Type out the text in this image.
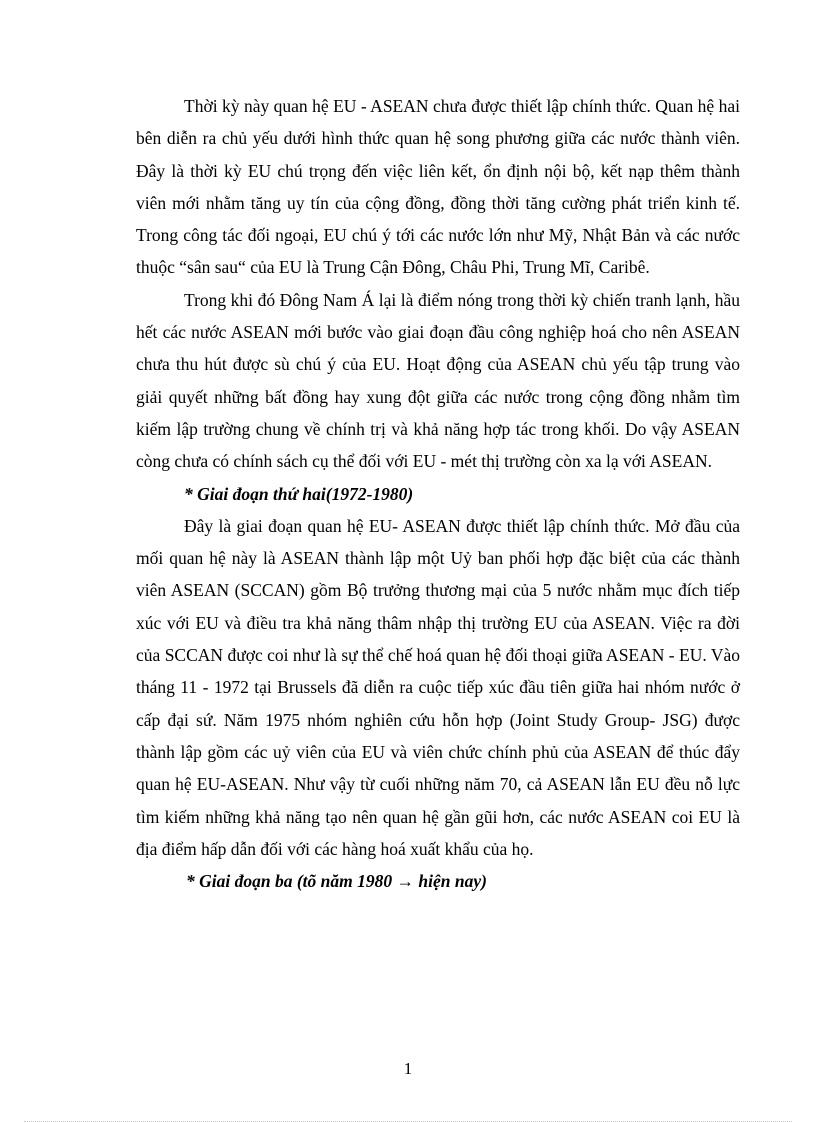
Thời kỳ này quan hệ EU - ASEAN chưa được thiết lập chính thức. Quan hệ hai bên diễn ra chủ yếu dưới hình thức quan hệ song phương giữa các nước thành viên. Đây là thời kỳ EU chú trọng đến việc liên kết, ổn định nội bộ, kết nạp thêm thành viên mới nhằm tăng uy tín của cộng đồng, đồng thời tăng cường phát triển kinh tế. Trong công tác đối ngoại, EU chú ý tới các nước lớn như Mỹ, Nhật Bản và các nước thuộc “sân sau“ của EU là Trung Cận Đông, Châu Phi, Trung Mĩ, Caribê.

Trong khi đó Đông Nam Á lại là điểm nóng trong thời kỳ chiến tranh lạnh, hầu hết các nước ASEAN mới bước vào giai đoạn đầu công nghiệp hoá cho nên ASEAN chưa thu hút được sù chú ý của EU. Hoạt động của ASEAN chủ yếu tập trung vào giải quyết những bất đồng hay xung đột giữa các nước trong cộng đồng nhằm tìm kiếm lập trường chung về chính trị và khả năng hợp tác trong khối. Do vậy ASEAN còng chưa có chính sách cụ thể đối với EU - mét thị trường còn xa lạ với ASEAN.

* Giai đoạn thứ hai(1972-1980)

Đây là giai đoạn quan hệ EU- ASEAN được thiết lập chính thức. Mở đầu của mối quan hệ này là ASEAN thành lập một Uỷ ban phối hợp đặc biệt của các thành viên ASEAN (SCCAN) gồm Bộ trưởng thương mại của 5 nước nhằm mục đích tiếp xúc với EU và điều tra khả năng thâm nhập thị trường EU của ASEAN. Việc ra đời của SCCAN được coi như là sự thể chế hoá quan hệ đối thoại giữa ASEAN - EU. Vào tháng 11 - 1972 tại Brussels đã diễn ra cuộc tiếp xúc đầu tiên giữa hai nhóm nước ở cấp đại sứ. Năm 1975 nhóm nghiên cứu hỗn hợp (Joint Study Group- JSG) được thành lập gồm các uỷ viên của EU và viên chức chính phủ của ASEAN để thúc đẩy quan hệ EU-ASEAN. Như vậy từ cuối những năm 70, cả ASEAN lẫn EU đều nỗ lực tìm kiếm những khả năng tạo nên quan hệ gần gũi hơn, các nước ASEAN coi EU là địa điểm hấp dẫn đối với các hàng hoá xuất khẩu của họ.

* Giai đoạn ba (tõ năm 1980 → hiện nay)

1
